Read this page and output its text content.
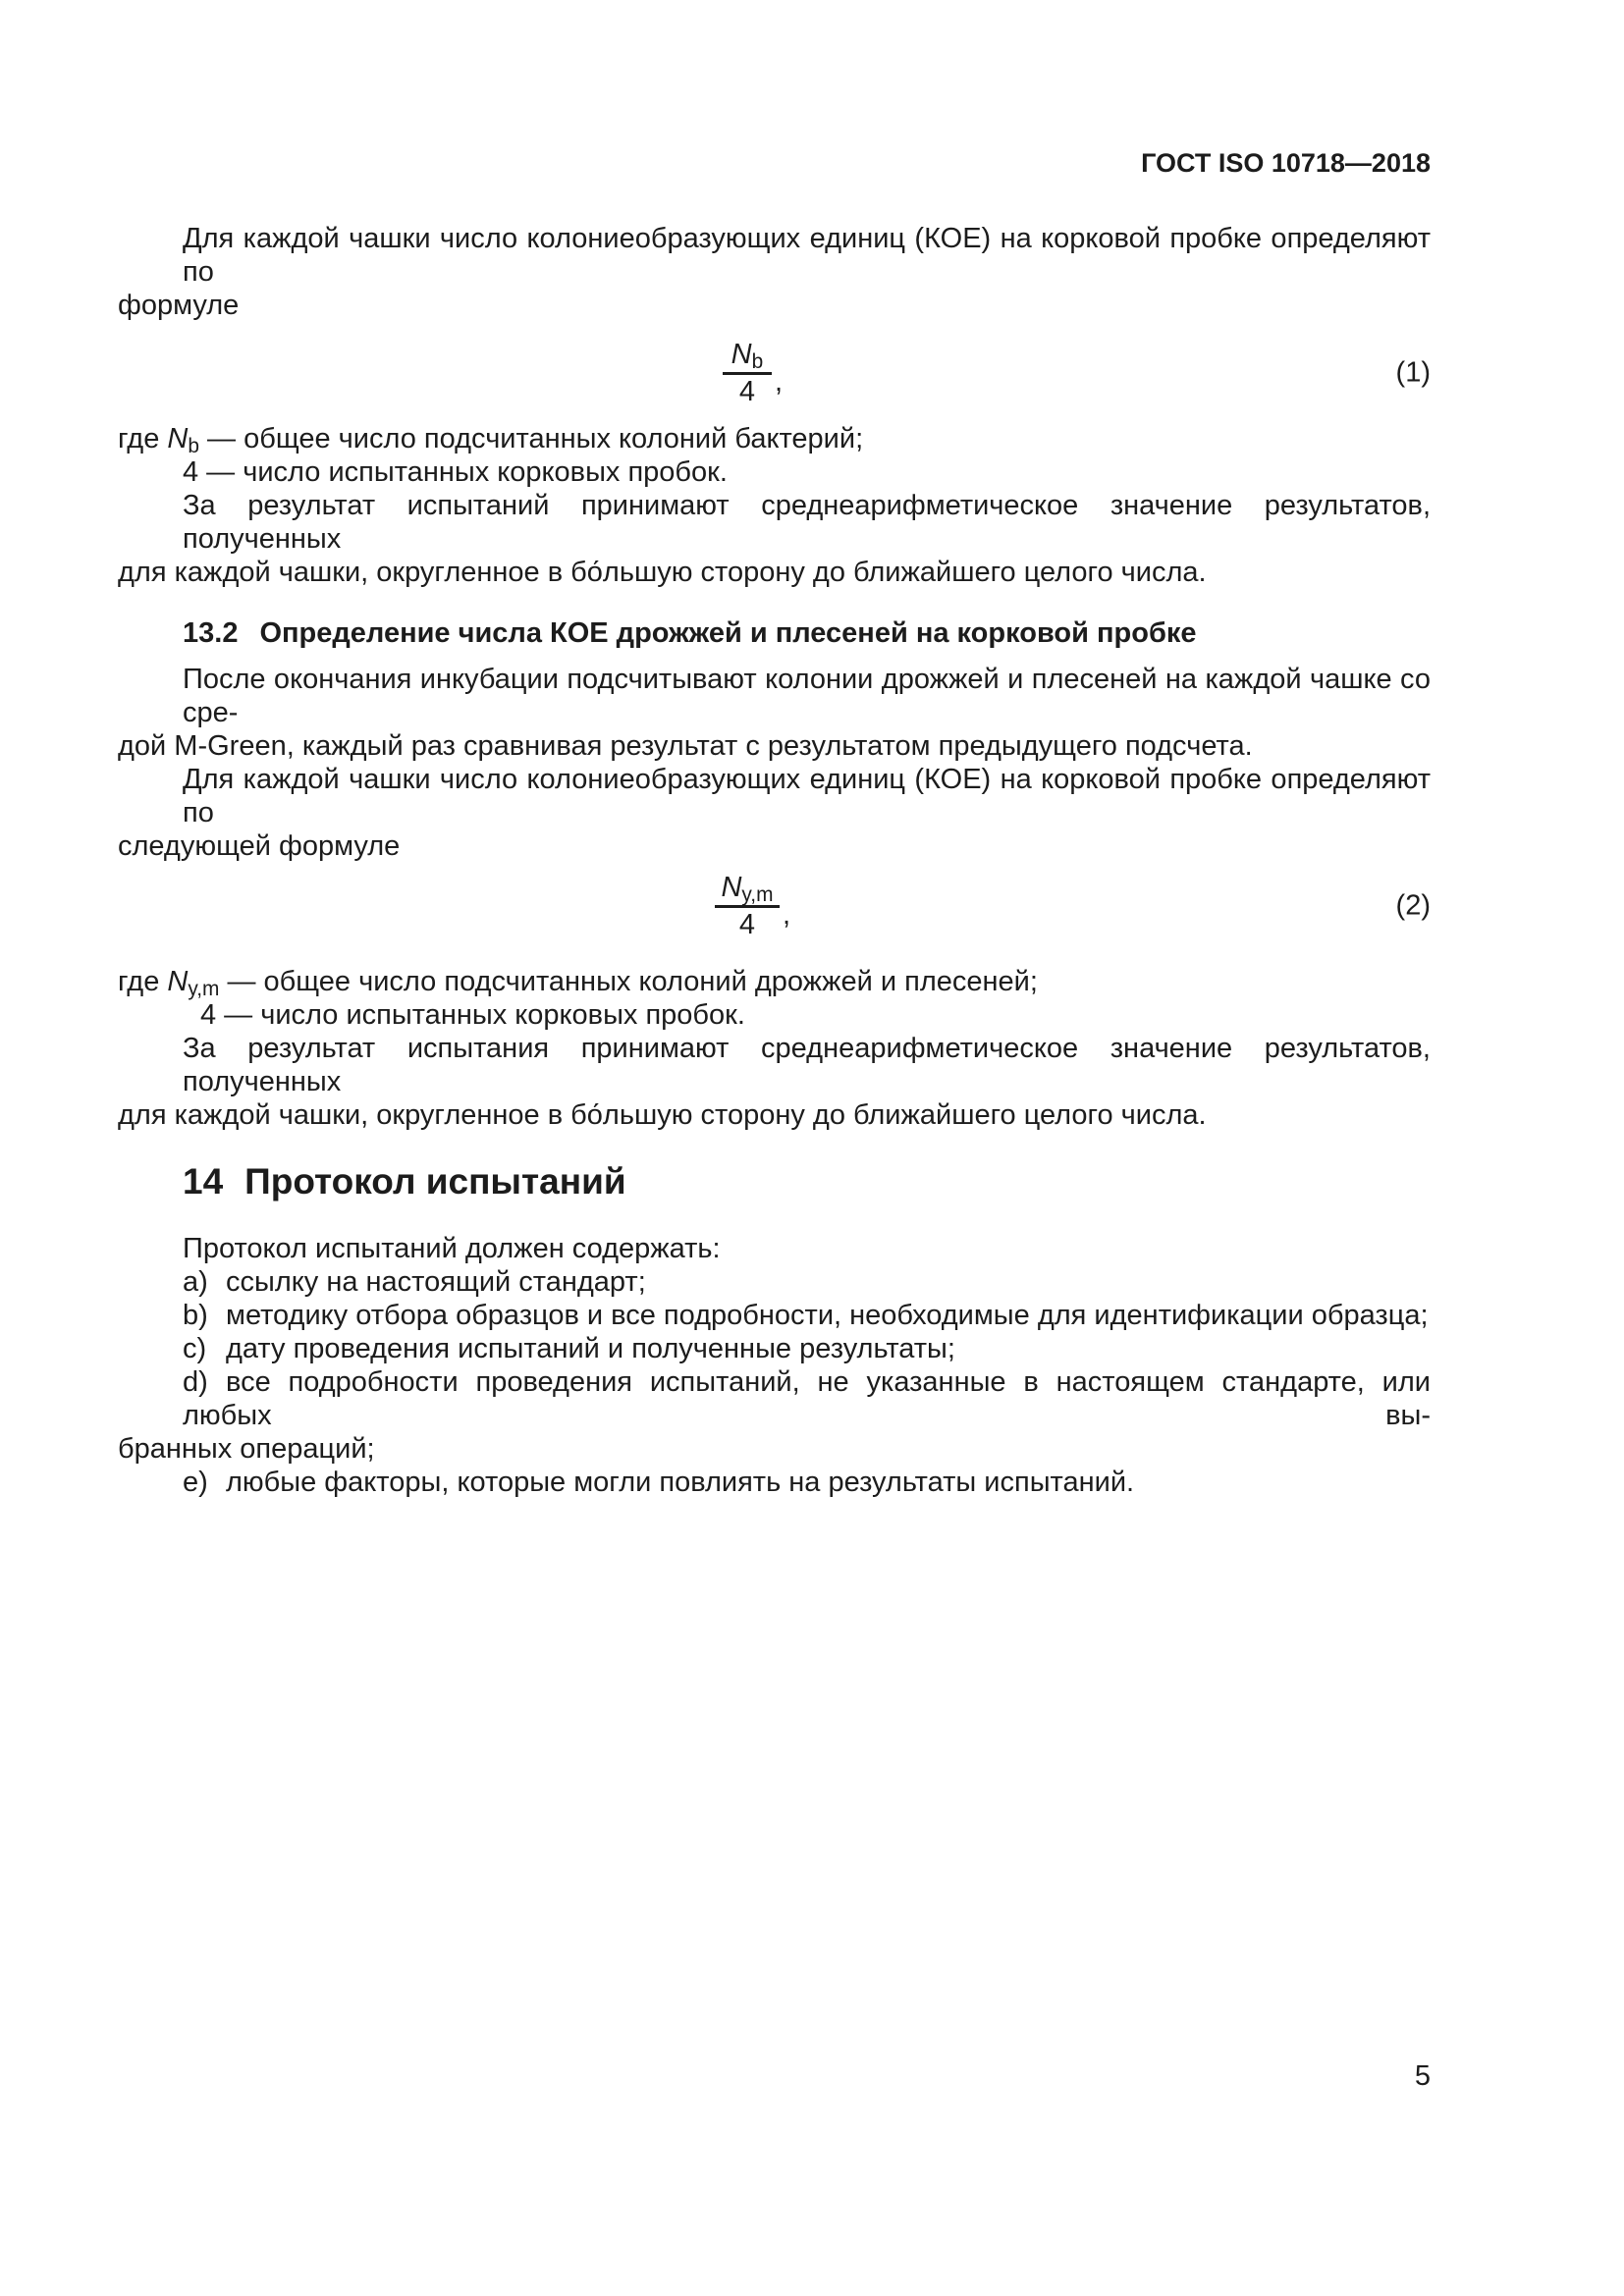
ГОСТ ISO 10718—2018
Для каждой чашки число колониеобразующих единиц (КОЕ) на корковой пробке определяют по
формуле
$\frac{Nb}{4}$ ,	(1)
где Nb — общее число подсчитанных колоний бактерий;
4 — число испытанных корковых пробок.
За результат испытаний принимают среднеарифметическое значение результатов, полученных
для каждой чашки, округленное в бо́льшую сторону до ближайшего целого числа.
13.2 Определение числа КОЕ дрожжей и плесеней на корковой пробке
После окончания инкубации подсчитывают колонии дрожжей и плесеней на каждой чашке со сре-
дой M-Green, каждый раз сравнивая результат с результатом предыдущего подсчета.
Для каждой чашки число колониеобразующих единиц (КОЕ) на корковой пробке определяют по
следующей формуле
$\frac{Ny,m}{4}$ ,	(2)
где Ny,m — общее число подсчитанных колоний дрожжей и плесеней;
4 — число испытанных корковых пробок.
За результат испытания принимают среднеарифметическое значение результатов, полученных
для каждой чашки, округленное в бо́льшую сторону до ближайшего целого числа.
14 Протокол испытаний
Протокол испытаний должен содержать:
a) ссылку на настоящий стандарт;
b) методику отбора образцов и все подробности, необходимые для идентификации образца;
c) дату проведения испытаний и полученные результаты;
d) все подробности проведения испытаний, не указанные в настоящем стандарте, или любых вы-
бранных операций;
e) любые факторы, которые могли повлиять на результаты испытаний.
5
